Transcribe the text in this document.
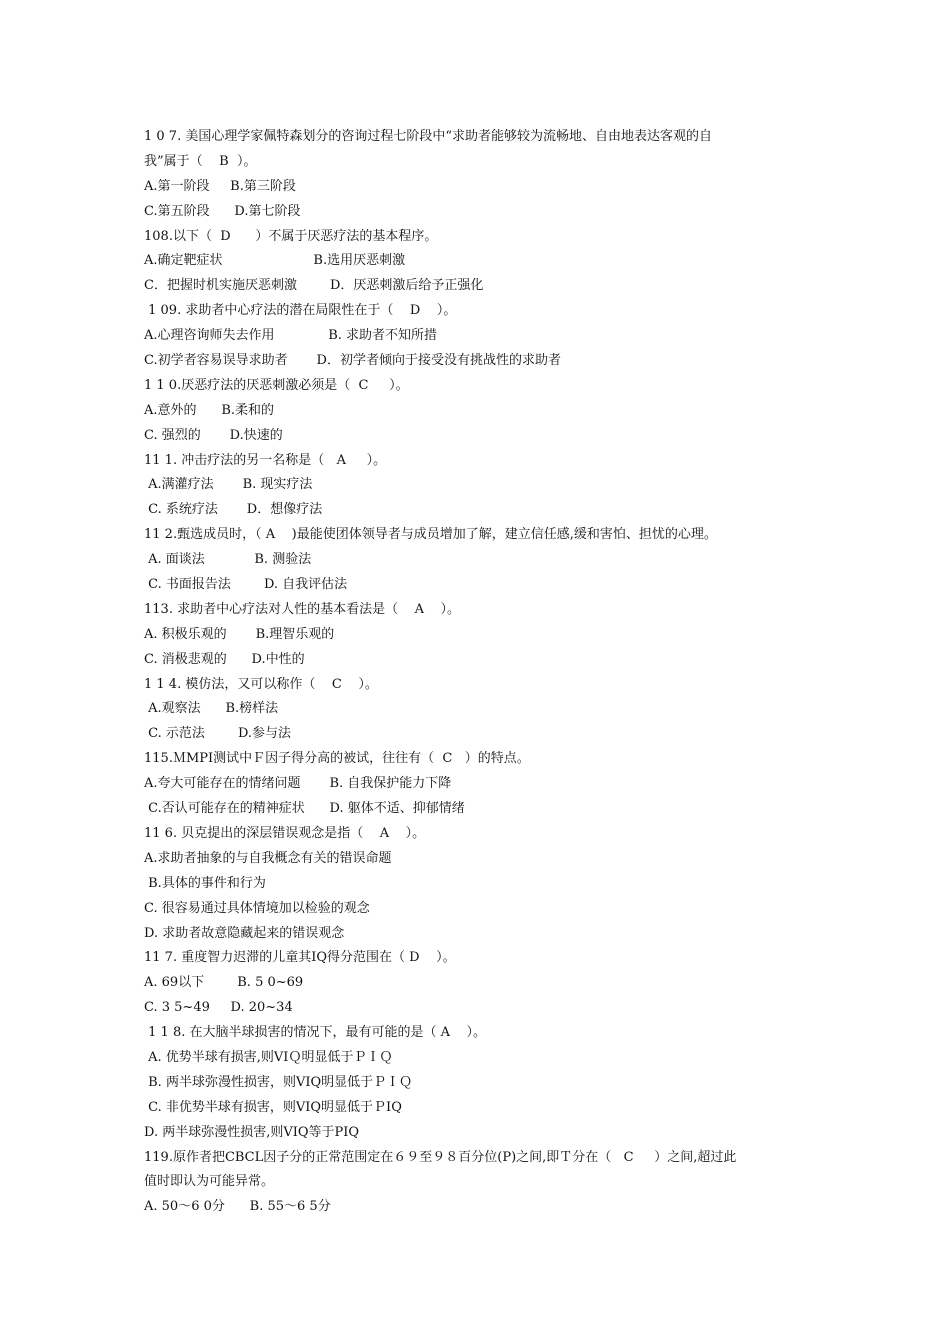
1 0 7. 美国心理学家佩特森划分的咨询过程七阶段中“求助者能够较为流畅地、自由地表达客观的自
我”属于（    B  ）。
A.第一阶段     B.第三阶段
C.第五阶段      D.第七阶段
108.以下（  D      ）不属于厌恶疗法的基本程序。
A.确定靶症状                      B.选用厌恶刺激
C．把握时机实施厌恶刺激        D．厌恶刺激后给予正强化
1 09. 求助者中心疗法的潜在局限性在于（    D    ）。
A.心理咨询师失去作用             B. 求助者不知所措
C.初学者容易误导求助者       D．初学者倾向于接受没有挑战性的求助者
1 1 0.厌恶疗法的厌恶刺激必须是（  C     ）。
A.意外的      B.柔和的
C. 强烈的       D.快速的
11 1. 冲击疗法的另一名称是（   A     ）。
A.满灌疗法       B. 现实疗法
C. 系统疗法       D．想像疗法
11 2.甄选成员时，（ A    )最能使团体领导者与成员增加了解，建立信任感,缓和害怕、担忧的心理。
A. 面谈法            B. 测验法
C. 书面报告法        D. 自我评估法
113. 求助者中心疗法对人性的基本看法是（    A    ）。
A. 积极乐观的       B.理智乐观的
C. 消极悲观的      D.中性的
1 1 4. 模仿法，又可以称作（    C    ）。
A.观察法      B.榜样法
C. 示范法        D.参与法
115.ＭMPⅠ测试中Ｆ因子得分高的被试，往往有（  C   ）的特点。
A.夸大可能存在的情绪问题       B. 自我保护能力下降
C.否认可能存在的精神症状      D. 躯体不适、抑郁情绪
11 6. 贝克提出的深层错误观念是指（    A    ）。
A.求助者抽象的与自我概念有关的错误命题
B.具体的事件和行为
C. 很容易通过具体情境加以检验的观念
D. 求助者故意隐藏起来的错误观念
11 7. 重度智力迟滞的儿童其IQ得分范围在（ D    ）。
A. 69以下        B. 5 0~69
C. 3 5~49     D. 20~34
1 1 8. 在大脑半球损害的情况下，最有可能的是（ A    ）。
A. 优势半球有损害,则VIＱ明显低于ＰＩＱ
B. 两半球弥漫性损害，则VIQ明显低于ＰＩＱ
C. 非优势半球有损害，则VIQ明显低于ＰIQ
D. 两半球弥漫性损害,则VIQ等于PIQ
119.原作者把CBCL因子分的正常范围定在６９至９８百分位(P)之间,即Ｔ分在（   C     ）之间,超过此
值时即认为可能异常。
A. 50～6 0分      B. 55～6 5分
